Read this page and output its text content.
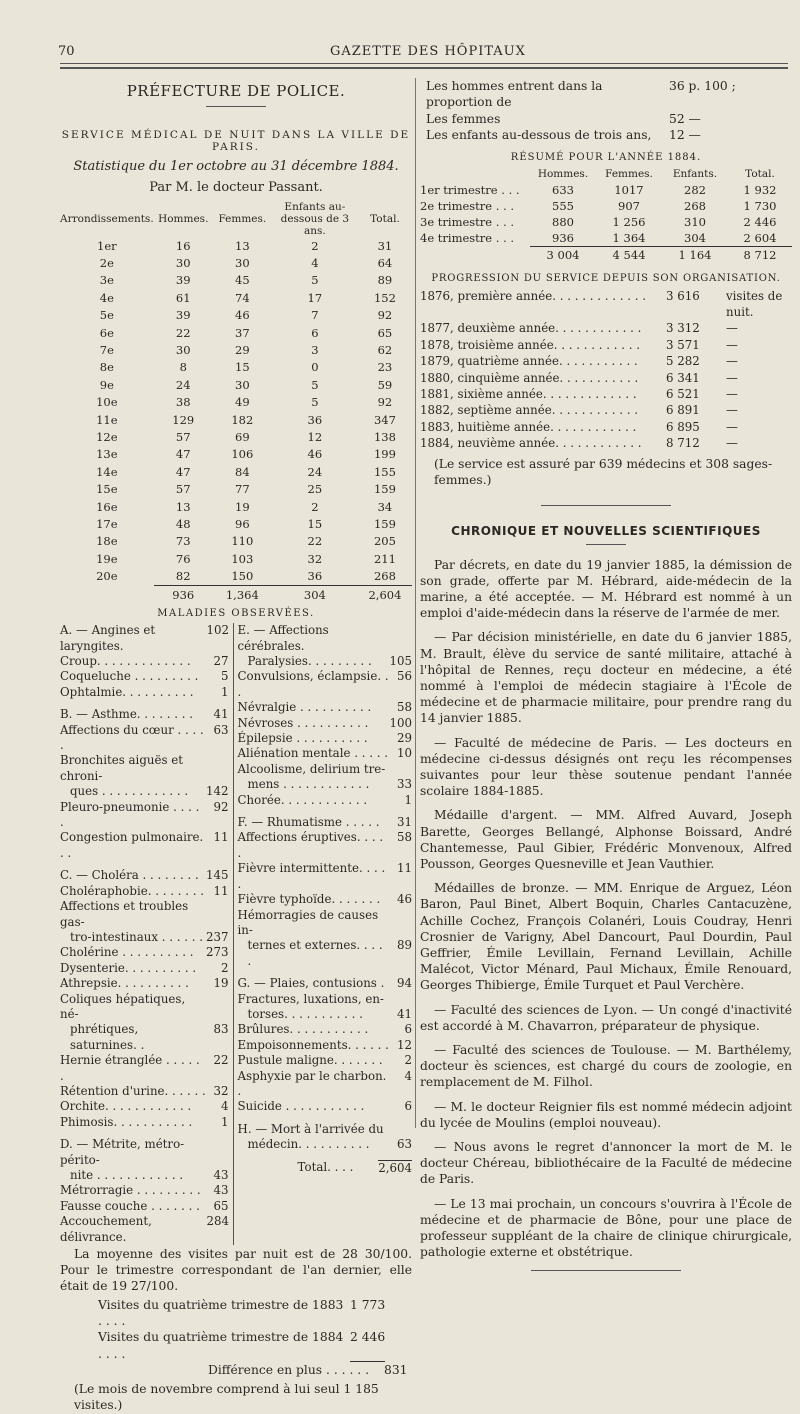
70	GAZETTE DES HÔPITAUX
PRÉFECTURE DE POLICE.
SERVICE MÉDICAL DE NUIT DANS LA VILLE DE PARIS.
Statistique du 1er octobre au 31 décembre 1884.
Par M. le docteur Passant.
Arrondissements.	Hommes.	Femmes.	Enfants au-dessous de 3 ans.	Total.
1er	16	13	2	31
2e	30	30	4	64
3e	39	45	5	89
4e	61	74	17	152
5e	39	46	7	92
6e	22	37	6	65
7e	30	29	3	62
8e	8	15	0	23
9e	24	30	5	59
10e	38	49	5	92
11e	129	182	36	347
12e	57	69	12	138
13e	47	106	46	199
14e	47	84	24	155
15e	57	77	25	159
16e	13	19	2	34
17e	48	96	15	159
18e	73	110	22	205
19e	76	103	32	211
20e	82	150	36	268
	936	1,364	304	2,604
MALADIES OBSERVÉES.
A. — Angines et laryngites.
102
Croup. . . . . . . . . . . . .	27
Coqueluche . . . . . . . . .	5
Ophtalmie. . . . . . . . . .	1
B. — Asthme. . . . . . . .	41
Affections du cœur . . . . .
63
Bronchites aiguës et chroni-
ques . . . . . . . . . . . . 142
Pleuro-pneumonie . . . . .
92
Congestion pulmonaire. . .
11
C. — Choléra . . . . . . . . 145
Choléraphobie. . . . . . . . 11
Affections et troubles gas-
tro-intestinaux . . . . . . 237
Cholérine . . . . . . . . . . 273
Dysenterie. . . . . . . . . .	2
Athrepsie. . . . . . . . . .	19
Coliques hépatiques, né-
phrétiques, saturnines. .
83
Hernie étranglée . . . . . .
22
Rétention d'urine. . . . . . 32
Orchite. . . . . . . . . . . .	4
Phimosis. . . . . . . . . . .	1
D. — Métrite, métro-périto-
nite . . . . . . . . . . . .	43
Métrorragie . . . . . . . . .	43
Fausse couche . . . . . . .	65
Accouchement, délivrance.
284
E. — Affections cérébrales.
Paralysies. . . . . . . . . 105
Convulsions, éclampsie. . .
56
Névralgie . . . . . . . . . .	58
Névroses . . . . . . . . . . 100
Épilepsie . . . . . . . . . .	29
Aliénation mentale . . . . . 10
Alcoolisme, delirium tre-
mens . . . . . . . . . . . .	33
Chorée. . . . . . . . . . . .	1
F. — Rhumatisme . . . . .	31
Affections éruptives. . . . .
58
Fièvre intermittente. . . . .
11
Fièvre typhoïde. . . . . . .	46
Hémorragies de causes in-
ternes et externes. . . . .
89
G. — Plaies, contusions .	94
Fractures, luxations, en-
torses. . . . . . . . . . .	41
Brûlures. . . . . . . . . . .	6
Empoisonnements. . . . . . 12
Pustule maligne. . . . . . .	2
Asphyxie par le charbon. .
4
Suicide . . . . . . . . . . .	6
H. — Mort à l'arrivée du
médecin. . . . . . . . . .	63
Total. . . . 2,604

La moyenne des visites par nuit est de 28 30/100. Pour le trimestre correspondant de l'an dernier, elle était de 19 27/100.

Visites du quatrième trimestre de 1883 . . . .
1 773
Visites du quatrième trimestre de 1884 . . . .
2 446
Différence en plus . . . . . .	831
(Le mois de novembre comprend à lui seul 1 185 visites.)
Les hommes entrent dans la proportion de
36 p. 100 ;
Les femmes	52 —
Les enfants au-dessous de trois ans,	12 —
RÉSUMÉ POUR L'ANNÉE 1884.
	Hommes.	Femmes.	Enfants.	Total.
1er trimestre . . .	633	1017	282	1 932
2e trimestre . . .	555	907	268	1 730
3e trimestre . . .	880	1 256	310	2 446
4e trimestre . . .	936	1 364	304	2 604
	3 004	4 544	1 164	8 712
PROGRESSION DU SERVICE DEPUIS SON ORGANISATION.
1876, première année. . . . . . . . . . . . .	3 616	visites de nuit.
1877, deuxième année. . . . . . . . . . . .	3 312	—
1878, troisième année. . . . . . . . . . . .	3 571	—
1879, quatrième année. . . . . . . . . . .	5 282	—
1880, cinquième année. . . . . . . . . . .	6 341	—
1881, sixième année. . . . . . . . . . . . .	6 521	—
1882, septième année. . . . . . . . . . . .	6 891	—
1883, huitième année. . . . . . . . . . . .	6 895	—
1884, neuvième année. . . . . . . . . . . .	8 712	—
(Le service est assuré par 639 médecins et 308 sages-femmes.)
CHRONIQUE ET NOUVELLES SCIENTIFIQUES

Par décrets, en date du 19 janvier 1885, la démission de son grade, offerte par M. Hébrard, aide-médecin de la marine, a été acceptée. — M. Hébrard est nommé à un emploi d'aide-médecin dans la réserve de l'armée de mer.

— Par décision ministérielle, en date du 6 janvier 1885, M. Brault, élève du service de santé militaire, attaché à l'hôpital de Rennes, reçu docteur en médecine, a été nommé à l'emploi de médecin stagiaire à l'École de médecine et de pharmacie militaire, pour prendre rang du 14 janvier 1885.

— Faculté de médecine de Paris. — Les docteurs en médecine ci-dessus désignés ont reçu les récompenses suivantes pour leur thèse soutenue pendant l'année scolaire 1884-1885.

Médaille d'argent. — MM. Alfred Auvard, Joseph Barette, Georges Bellangé, Alphonse Boissard, André Chantemesse, Paul Gibier, Frédéric Monvenoux, Alfred Pousson, Georges Quesneville et Jean Vauthier.

Médailles de bronze. — MM. Enrique de Arguez, Léon Baron, Paul Binet, Albert Boquin, Charles Cantacuzène, Achille Cochez, François Colanéri, Louis Coudray, Henri Crosnier de Varigny, Abel Dancourt, Paul Dourdin, Paul Geffrier, Émile Levillain, Fernand Levillain, Achille Malécot, Victor Ménard, Paul Michaux, Émile Renouard, Georges Thibierge, Émile Turquet et Paul Verchère.

— Faculté des sciences de Lyon. — Un congé d'inactivité est accordé à M. Chavarron, préparateur de physique.

— Faculté des sciences de Toulouse. — M. Barthélemy, docteur ès sciences, est chargé du cours de zoologie, en remplacement de M. Filhol.

— M. le docteur Reignier fils est nommé médecin adjoint du lycée de Moulins (emploi nouveau).

— Nous avons le regret d'annoncer la mort de M. le docteur Chéreau, bibliothécaire de la Faculté de médecine de Paris.

— Le 13 mai prochain, un concours s'ouvrira à l'École de médecine et de pharmacie de Bône, pour une place de professeur suppléant de la chaire de clinique chirurgicale, pathologie externe et obstétrique.
